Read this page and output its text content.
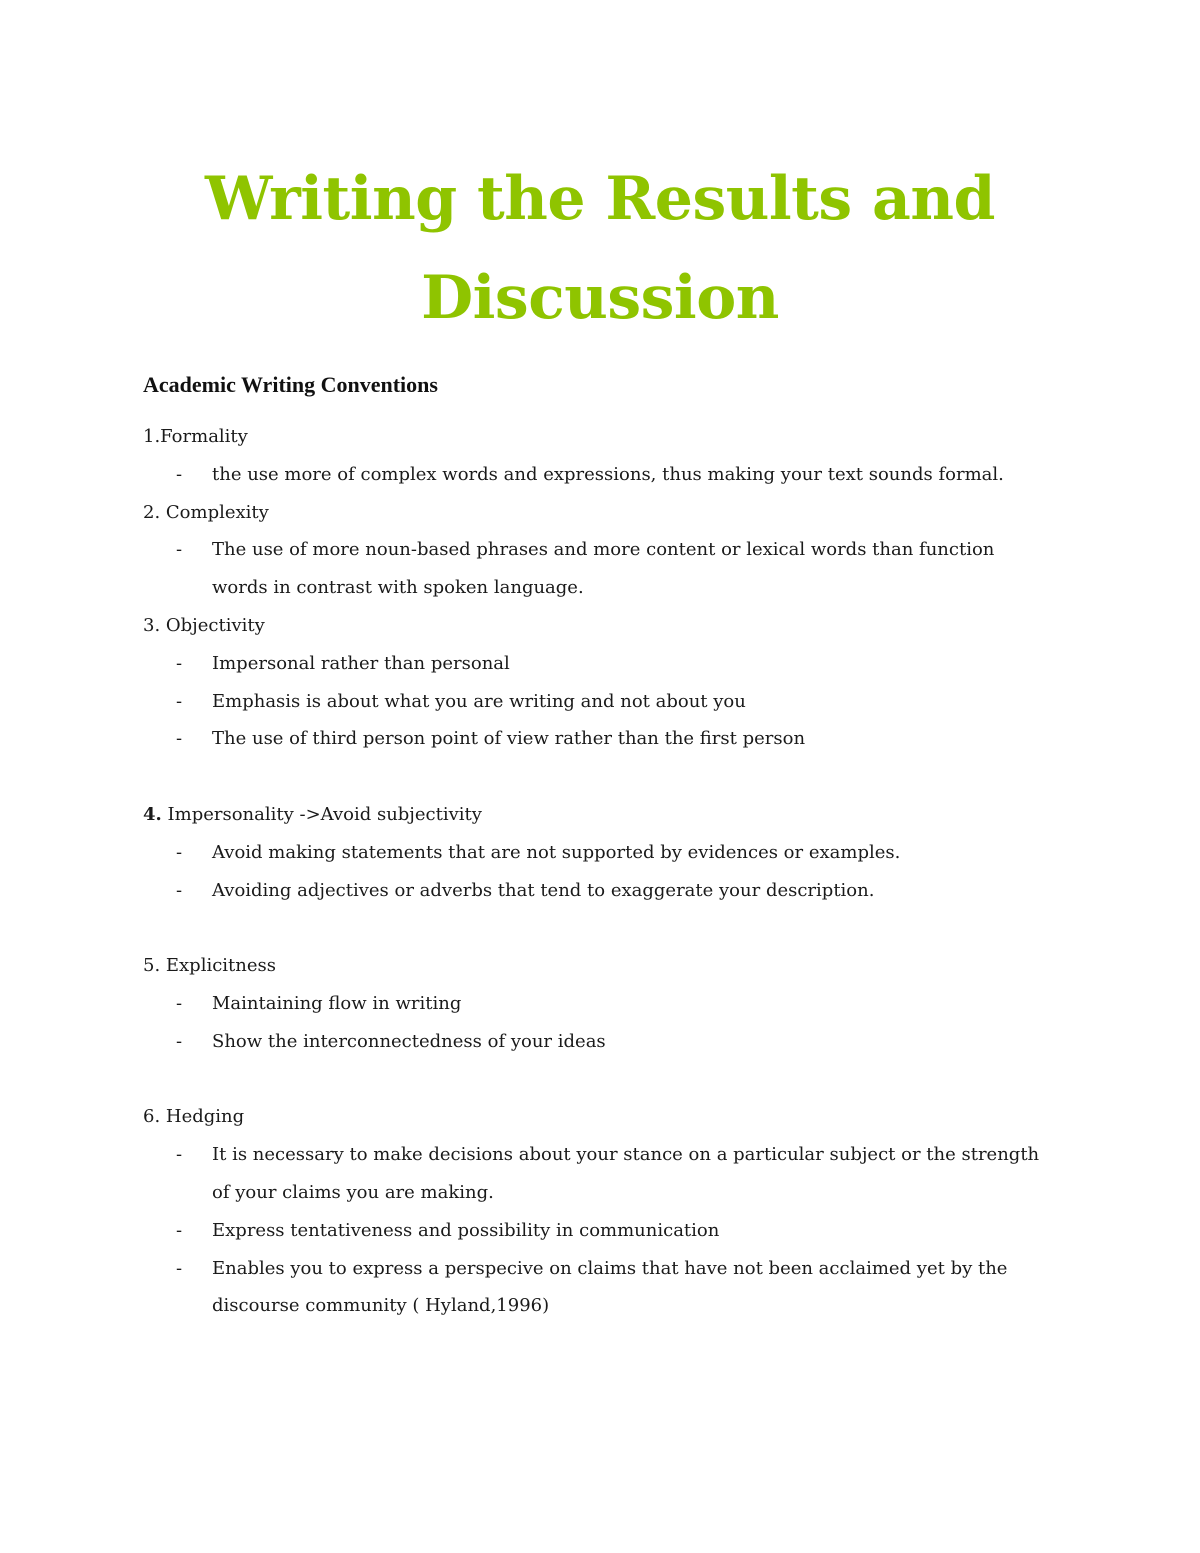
Writing the Results and
Discussion
Academic Writing Conventions

1.Formality

- the use more of complex words and expressions, thus making your text sounds formal.

2. Complexity

- The use of more noun-based phrases and more content or lexical words than function words in contrast with spoken language.

3. Objectivity

- Impersonal rather than personal
- Emphasis is about what you are writing and not about you
- The use of third person point of view rather than the first person

4. Impersonality ->Avoid subjectivity

- Avoid making statements that are not supported by evidences or examples.
- Avoiding adjectives or adverbs that tend to exaggerate your description.

5. Explicitness

- Maintaining flow in writing
- Show the interconnectedness of your ideas

6. Hedging

- It is necessary to make decisions about your stance on a particular subject or the strength of your claims you are making.
- Express tentativeness and possibility in communication
- Enables you to express a perspecive on claims that have not been acclaimed yet by the discourse community ( Hyland,1996)
